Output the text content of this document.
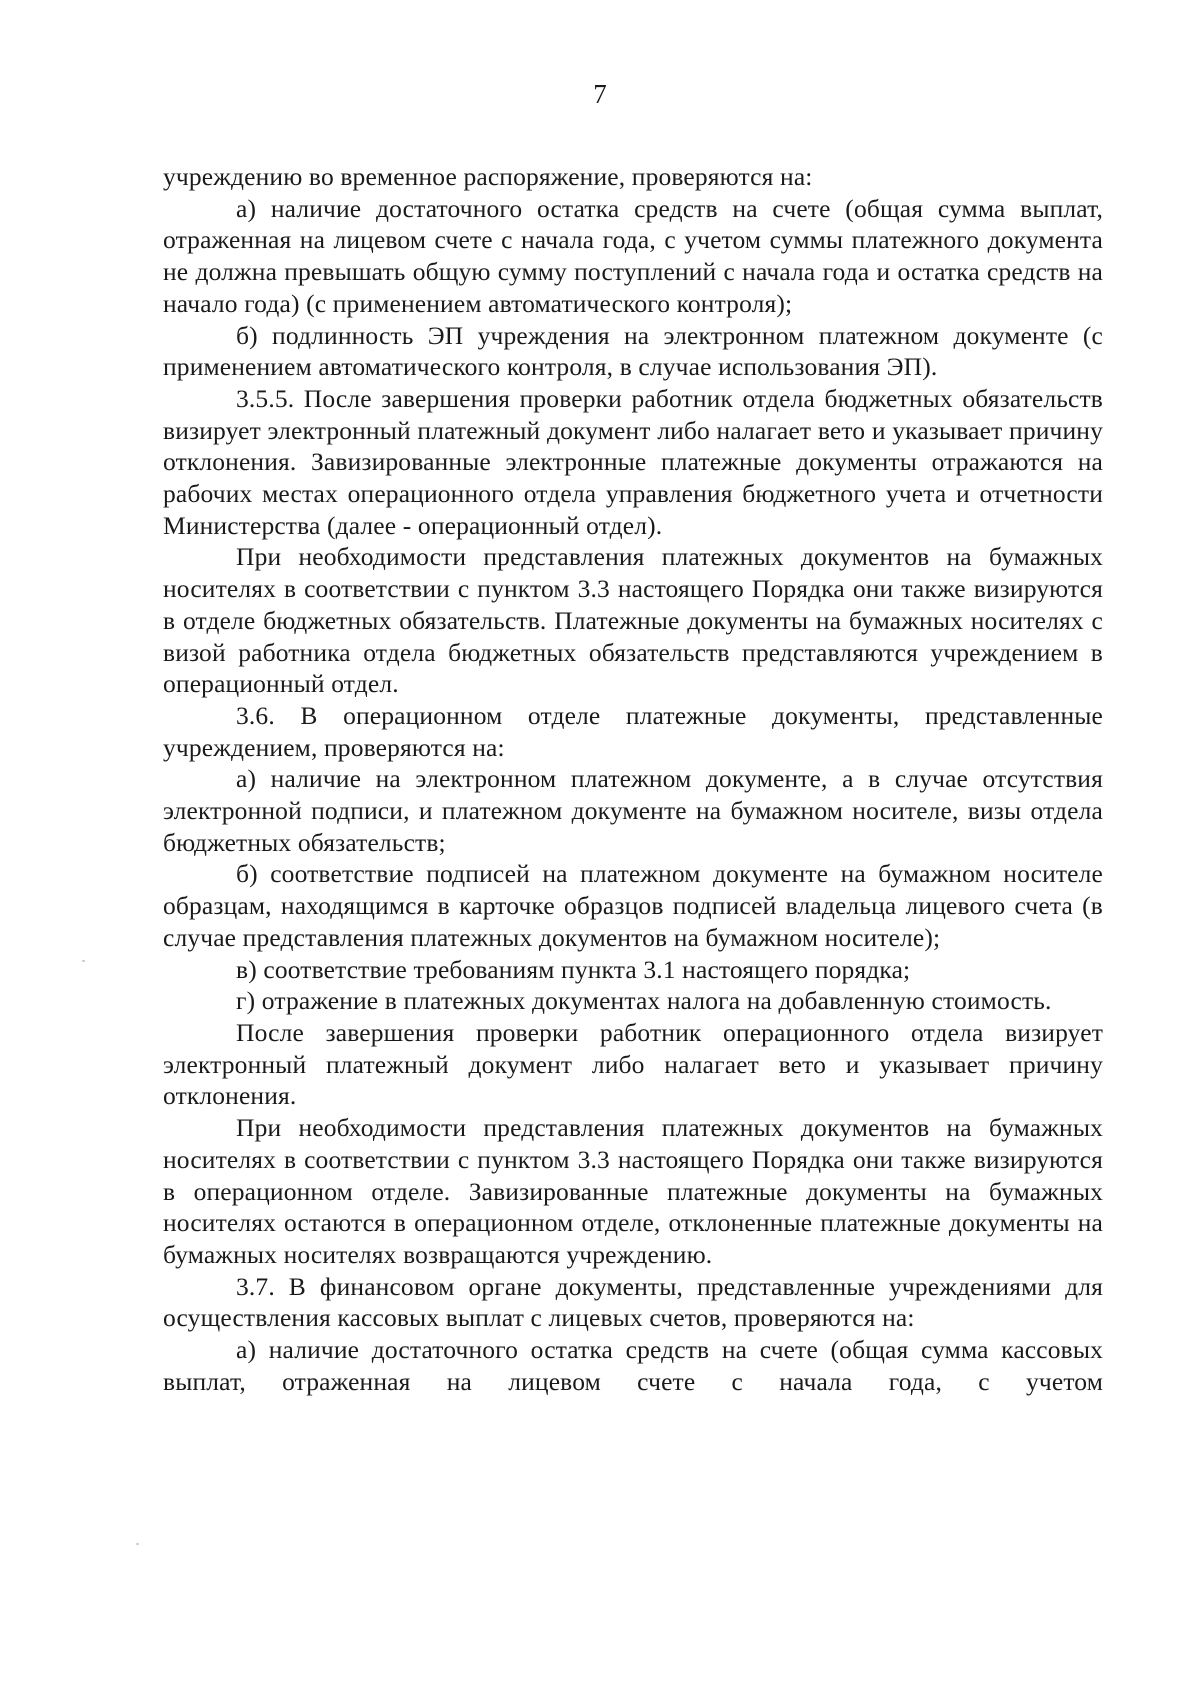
7

учреждению во временное распоряжение, проверяются на:

а) наличие достаточного остатка средств на счете (общая сумма выплат, отраженная на лицевом счете с начала года, с учетом суммы платежного документа не должна превышать общую сумму поступлений с начала года и остатка средств на начало года) (с применением автоматического контроля);

б) подлинность ЭП учреждения на электронном платежном документе (с применением автоматического контроля, в случае использования ЭП).

3.5.5. После завершения проверки работник отдела бюджетных обязательств визирует электронный платежный документ либо налагает вето и указывает причину отклонения. Завизированные электронные платежные документы отражаются на рабочих местах операционного отдела управления бюджетного учета и отчетности Министерства (далее - операционный отдел).

При необходимости представления платежных документов на бумажных носителях в соответствии с пунктом 3.3 настоящего Порядка они также визируются в отделе бюджетных обязательств. Платежные документы на бумажных носителях с визой работника отдела бюджетных обязательств представляются учреждением в операционный отдел.

3.6. В операционном отделе платежные документы, представленные учреждением, проверяются на:

а) наличие на электронном платежном документе, а в случае отсутствия электронной подписи, и платежном документе на бумажном носителе, визы отдела бюджетных обязательств;

б) соответствие подписей на платежном документе на бумажном носителе образцам, находящимся в карточке образцов подписей владельца лицевого счета (в случае представления платежных документов на бумажном носителе);

в) соответствие требованиям пункта 3.1 настоящего порядка;

г) отражение в платежных документах налога на добавленную стоимость.

После завершения проверки работник операционного отдела визирует электронный платежный документ либо налагает вето и указывает причину отклонения.

При необходимости представления платежных документов на бумажных носителях в соответствии с пунктом 3.3 настоящего Порядка они также визируются в операционном отделе. Завизированные платежные документы на бумажных носителях остаются в операционном отделе, отклоненные платежные документы на бумажных носителях возвращаются учреждению.

3.7. В финансовом органе документы, представленные учреждениями для осуществления кассовых выплат с лицевых счетов, проверяются на:

а) наличие достаточного остатка средств на счете (общая сумма кассовых выплат, отраженная на лицевом счете с начала года, с учетом
